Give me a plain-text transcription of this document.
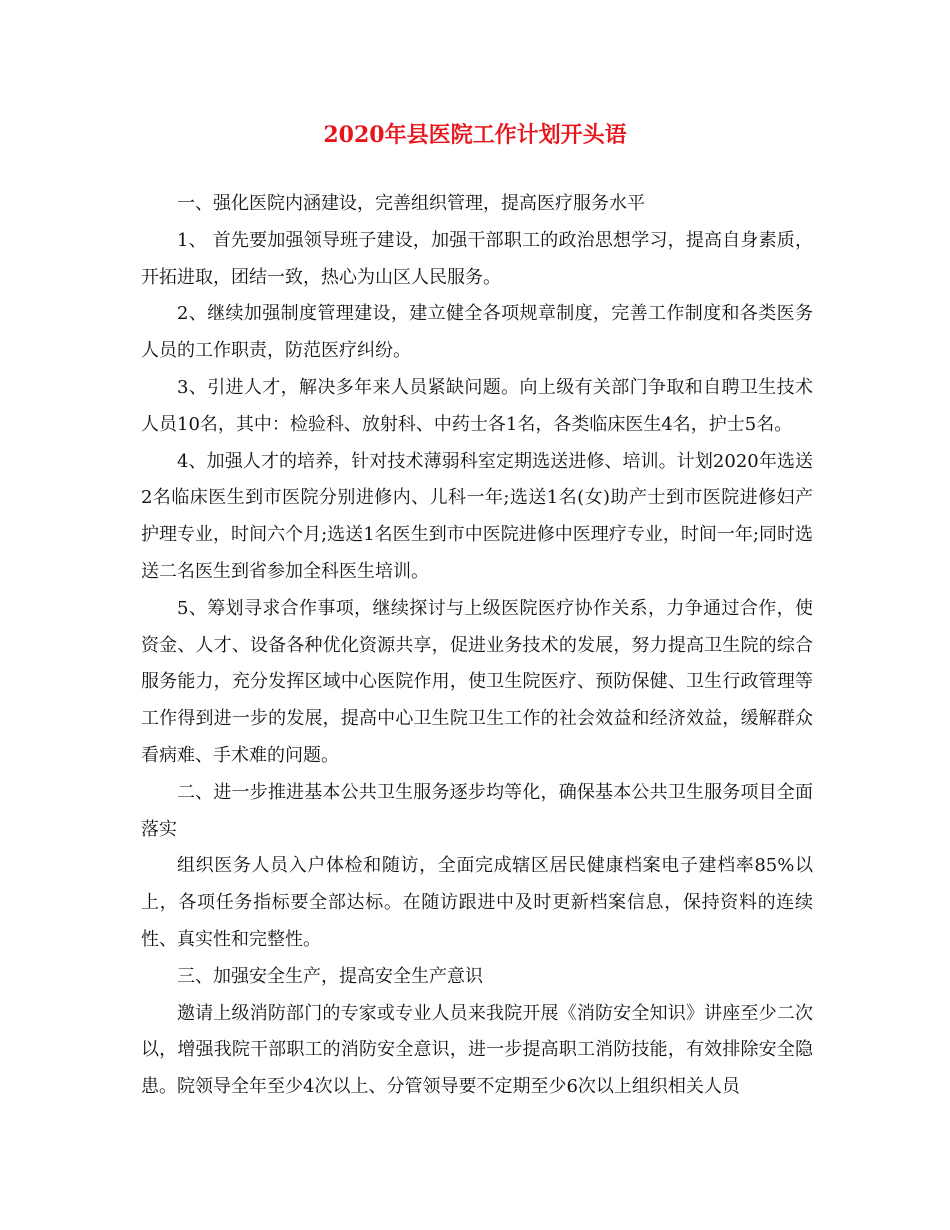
2020年县医院工作计划开头语

一、强化医院内涵建设，完善组织管理，提高医疗服务水平

1、 首先要加强领导班子建设，加强干部职工的政治思想学习，提高自身素质，开拓进取，团结一致，热心为山区人民服务。

2、继续加强制度管理建设，建立健全各项规章制度，完善工作制度和各类医务人员的工作职责，防范医疗纠纷。

3、引进人才，解决多年来人员紧缺问题。向上级有关部门争取和自聘卫生技术人员10名，其中：检验科、放射科、中药士各1名，各类临床医生4名，护士5名。

4、加强人才的培养，针对技术薄弱科室定期选送进修、培训。计划2020年选送2名临床医生到市医院分别进修内、儿科一年;选送1名(女)助产士到市医院进修妇产护理专业，时间六个月;选送1名医生到市中医院进修中医理疗专业，时间一年;同时选送二名医生到省参加全科医生培训。

5、筹划寻求合作事项，继续探讨与上级医院医疗协作关系，力争通过合作，使资金、人才、设备各种优化资源共享，促进业务技术的发展，努力提高卫生院的综合服务能力，充分发挥区域中心医院作用，使卫生院医疗、预防保健、卫生行政管理等工作得到进一步的发展，提高中心卫生院卫生工作的社会效益和经济效益，缓解群众看病难、手术难的问题。

二、进一步推进基本公共卫生服务逐步均等化，确保基本公共卫生服务项目全面落实

组织医务人员入户体检和随访，全面完成辖区居民健康档案电子建档率85%以上，各项任务指标要全部达标。在随访跟进中及时更新档案信息，保持资料的连续性、真实性和完整性。

三、加强安全生产，提高安全生产意识

邀请上级消防部门的专家或专业人员来我院开展《消防安全知识》讲座至少二次以，增强我院干部职工的消防安全意识，进一步提高职工消防技能，有效排除安全隐患。院领导全年至少4次以上、分管领导要不定期至少6次以上组织相关人员
